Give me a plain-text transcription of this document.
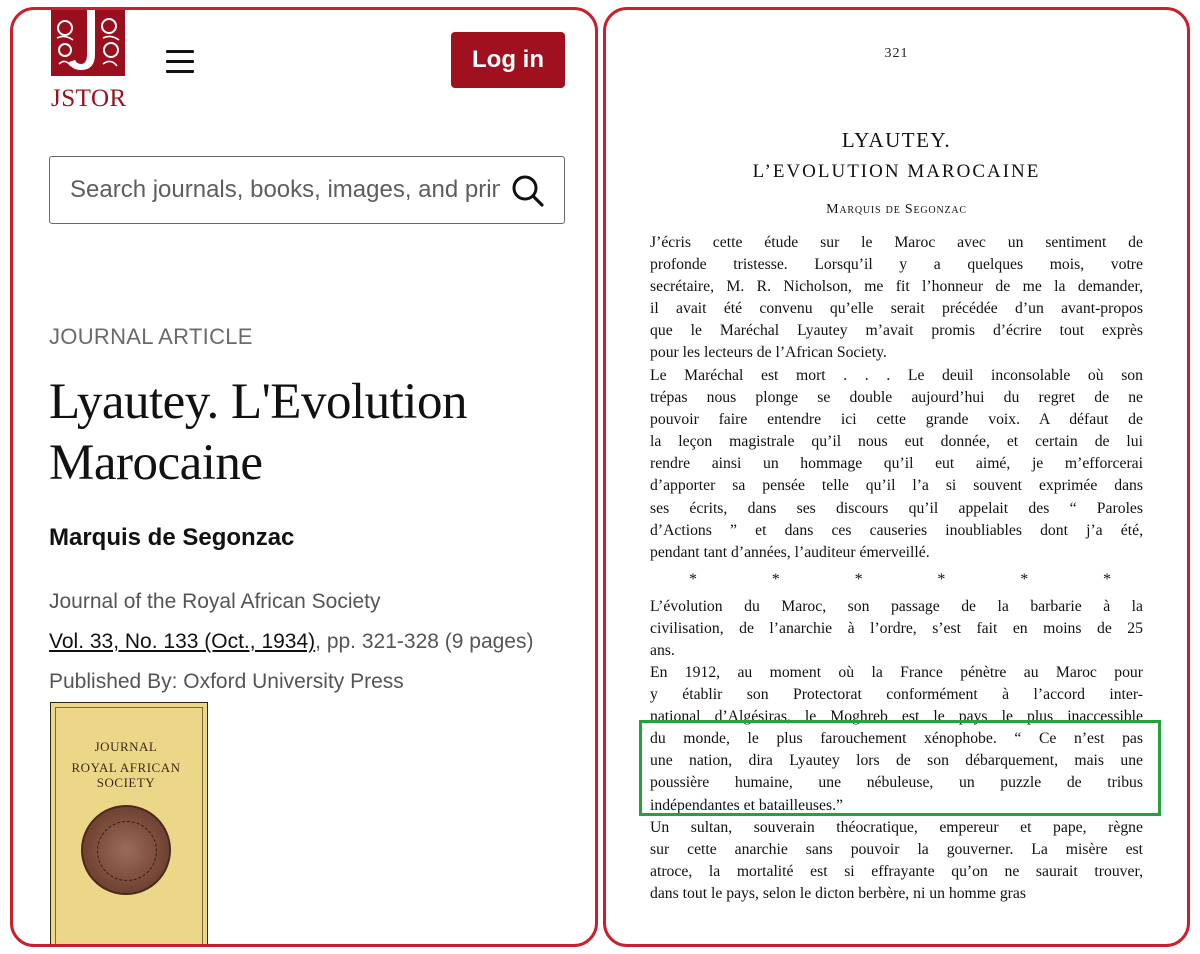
JSTOR
Log in
Search journals, books, images, and primary sources
JOURNAL ARTICLE
Lyautey. L'Evolution Marocaine
Marquis de Segonzac
Journal of the Royal African Society
Vol. 33, No. 133 (Oct., 1934), pp. 321-328 (9 pages)
Published By: Oxford University Press
JOURNAL

ROYAL AFRICAN
SOCIETY
321
LYAUTEY.
L’EVOLUTION MAROCAINE
Marquis de Segonzac
J’écris cette étude sur le Maroc avec un sentiment de
profonde tristesse. Lorsqu’il y a quelques mois, votre
secrétaire, M. R. Nicholson, me fit l’honneur de me la demander,
il avait été convenu qu’elle serait précédée d’un avant-propos
que le Maréchal Lyautey m’avait promis d’écrire tout exprès
pour les lecteurs de l’African Society.
Le Maréchal est mort . . . Le deuil inconsolable où son
trépas nous plonge se double aujourd’hui du regret de ne
pouvoir faire entendre ici cette grande voix. A défaut de
la leçon magistrale qu’il nous eut donnée, et certain de lui
rendre ainsi un hommage qu’il eut aimé, je m’efforcerai
d’apporter sa pensée telle qu’il l’a si souvent exprimée dans
ses écrits, dans ses discours qu’il appelait des “ Paroles
d’Actions ” et dans ces causeries inoubliables dont j’a été,
pendant tant d’années, l’auditeur émerveillé.
*	*	*	*	*	*
L’évolution du Maroc, son passage de la barbarie à la
civilisation, de l’anarchie à l’ordre, s’est fait en moins de 25
ans.
En 1912, au moment où la France pénètre au Maroc pour
y établir son Protectorat conformément à l’accord inter-
national d’Algésiras, le Moghreb est le pays le plus inaccessible
du monde, le plus farouchement xénophobe. “ Ce n’est pas
une nation, dira Lyautey lors de son débarquement, mais une
poussière humaine, une nébuleuse, un puzzle de tribus
indépendantes et batailleuses.”
Un sultan, souverain théocratique, empereur et pape, règne
sur cette anarchie sans pouvoir la gouverner. La misère est
atroce, la mortalité est si effrayante qu’on ne saurait trouver,
dans tout le pays, selon le dicton berbère, ni un homme gras
